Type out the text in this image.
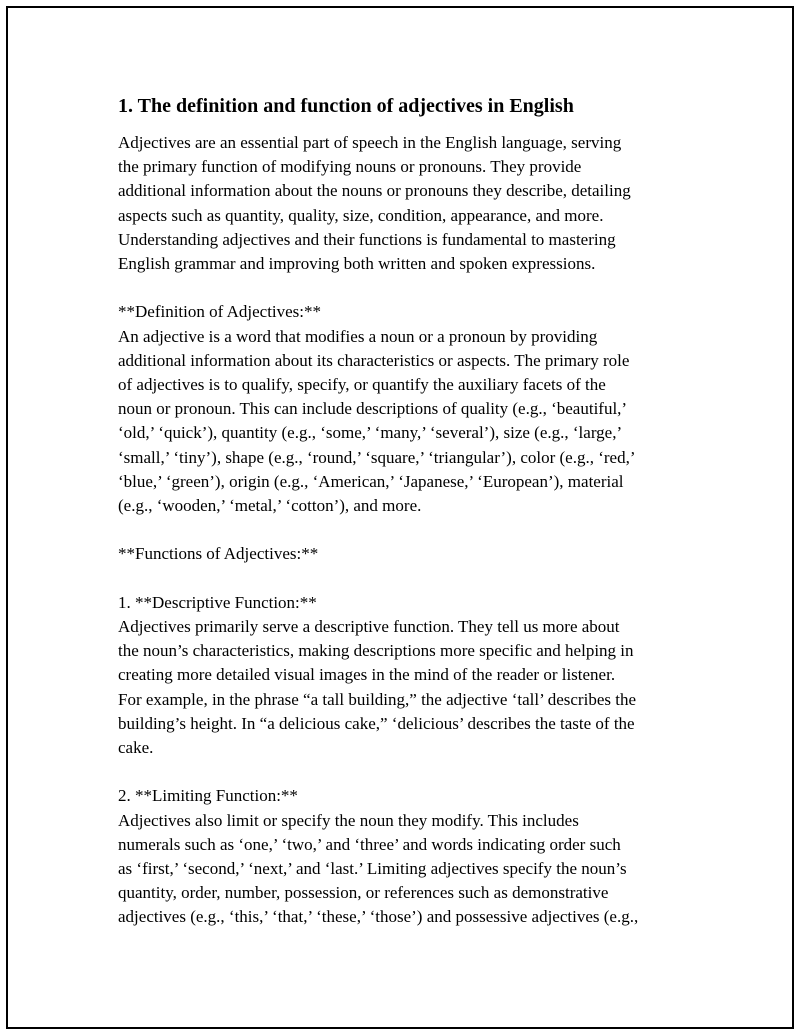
1. The definition and function of adjectives in English
Adjectives are an essential part of speech in the English language, serving
the primary function of modifying nouns or pronouns. They provide
additional information about the nouns or pronouns they describe, detailing
aspects such as quantity, quality, size, condition, appearance, and more.
Understanding adjectives and their functions is fundamental to mastering
English grammar and improving both written and spoken expressions.
**Definition of Adjectives:**
An adjective is a word that modifies a noun or a pronoun by providing
additional information about its characteristics or aspects. The primary role
of adjectives is to qualify, specify, or quantify the auxiliary facets of the
noun or pronoun. This can include descriptions of quality (e.g., ‘beautiful,’
‘old,’ ‘quick’), quantity (e.g., ‘some,’ ‘many,’ ‘several’), size (e.g., ‘large,’
‘small,’ ‘tiny’), shape (e.g., ‘round,’ ‘square,’ ‘triangular’), color (e.g., ‘red,’
‘blue,’ ‘green’), origin (e.g., ‘American,’ ‘Japanese,’ ‘European’), material
(e.g., ‘wooden,’ ‘metal,’ ‘cotton’), and more.
**Functions of Adjectives:**
1. **Descriptive Function:**
Adjectives primarily serve a descriptive function. They tell us more about
the noun’s characteristics, making descriptions more specific and helping in
creating more detailed visual images in the mind of the reader or listener.
For example, in the phrase “a tall building,” the adjective ‘tall’ describes the
building’s height. In “a delicious cake,” ‘delicious’ describes the taste of the
cake.
2. **Limiting Function:**
Adjectives also limit or specify the noun they modify. This includes
numerals such as ‘one,’ ‘two,’ and ‘three’ and words indicating order such
as ‘first,’ ‘second,’ ‘next,’ and ‘last.’ Limiting adjectives specify the noun’s
quantity, order, number, possession, or references such as demonstrative
adjectives (e.g., ‘this,’ ‘that,’ ‘these,’ ‘those’) and possessive adjectives (e.g.,
